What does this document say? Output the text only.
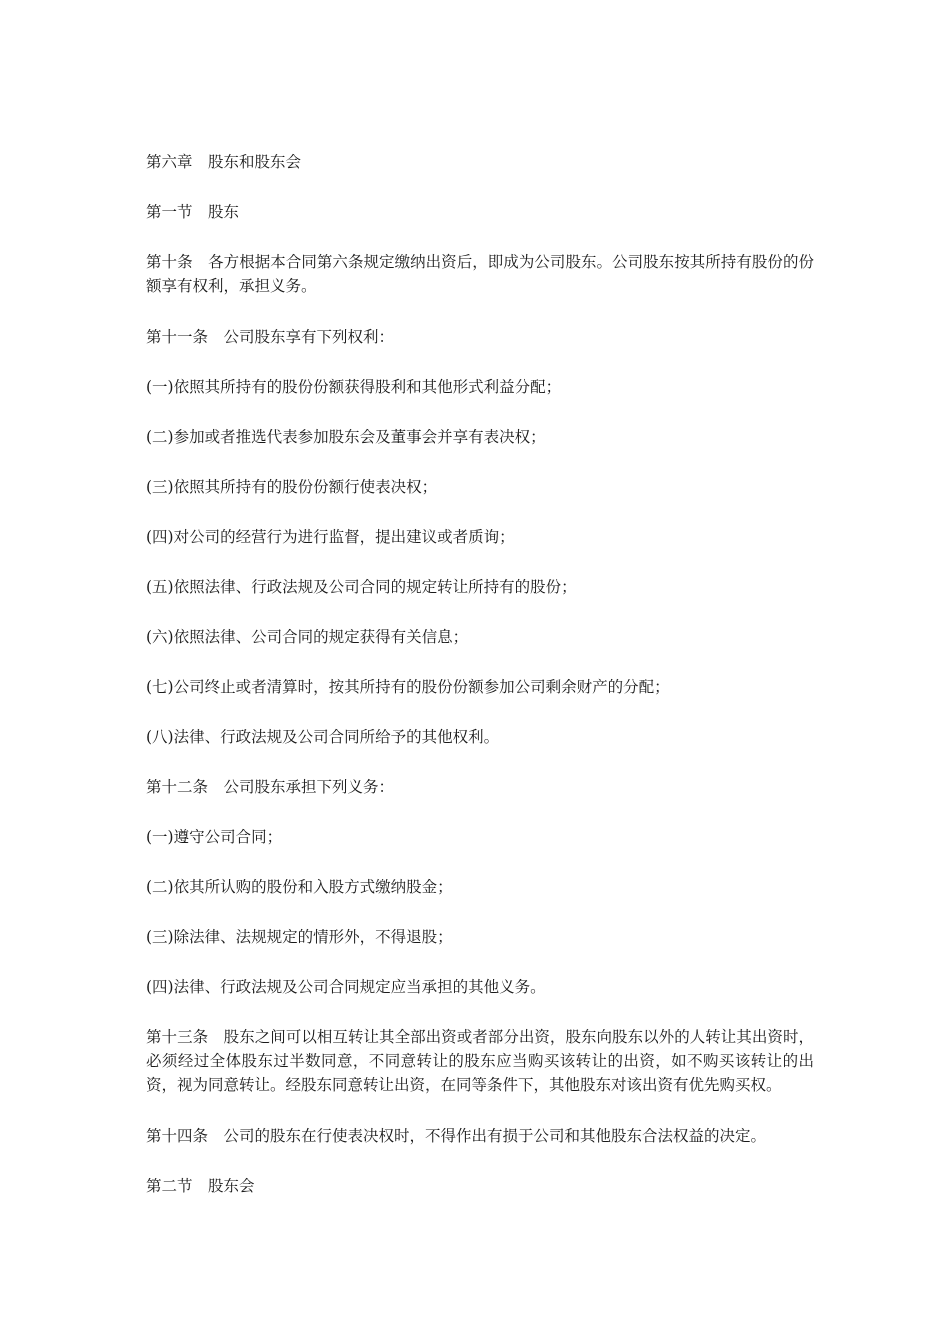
第六章　股东和股东会

第一节　股东

第十条　各方根据本合同第六条规定缴纳出资后，即成为公司股东。公司股东按其所持有股份的份额享有权利，承担义务。

第十一条　公司股东享有下列权利：

(一)依照其所持有的股份份额获得股利和其他形式利益分配；

(二)参加或者推选代表参加股东会及董事会并享有表决权；

(三)依照其所持有的股份份额行使表决权；

(四)对公司的经营行为进行监督，提出建议或者质询；

(五)依照法律、行政法规及公司合同的规定转让所持有的股份；

(六)依照法律、公司合同的规定获得有关信息；

(七)公司终止或者清算时，按其所持有的股份份额参加公司剩余财产的分配；

(八)法律、行政法规及公司合同所给予的其他权利。

第十二条　公司股东承担下列义务：

(一)遵守公司合同；

(二)依其所认购的股份和入股方式缴纳股金；

(三)除法律、法规规定的情形外，不得退股；

(四)法律、行政法规及公司合同规定应当承担的其他义务。

第十三条　股东之间可以相互转让其全部出资或者部分出资，股东向股东以外的人转让其出资时，必须经过全体股东过半数同意，不同意转让的股东应当购买该转让的出资，如不购买该转让的出资，视为同意转让。经股东同意转让出资，在同等条件下，其他股东对该出资有优先购买权。

第十四条　公司的股东在行使表决权时，不得作出有损于公司和其他股东合法权益的决定。

第二节　股东会
